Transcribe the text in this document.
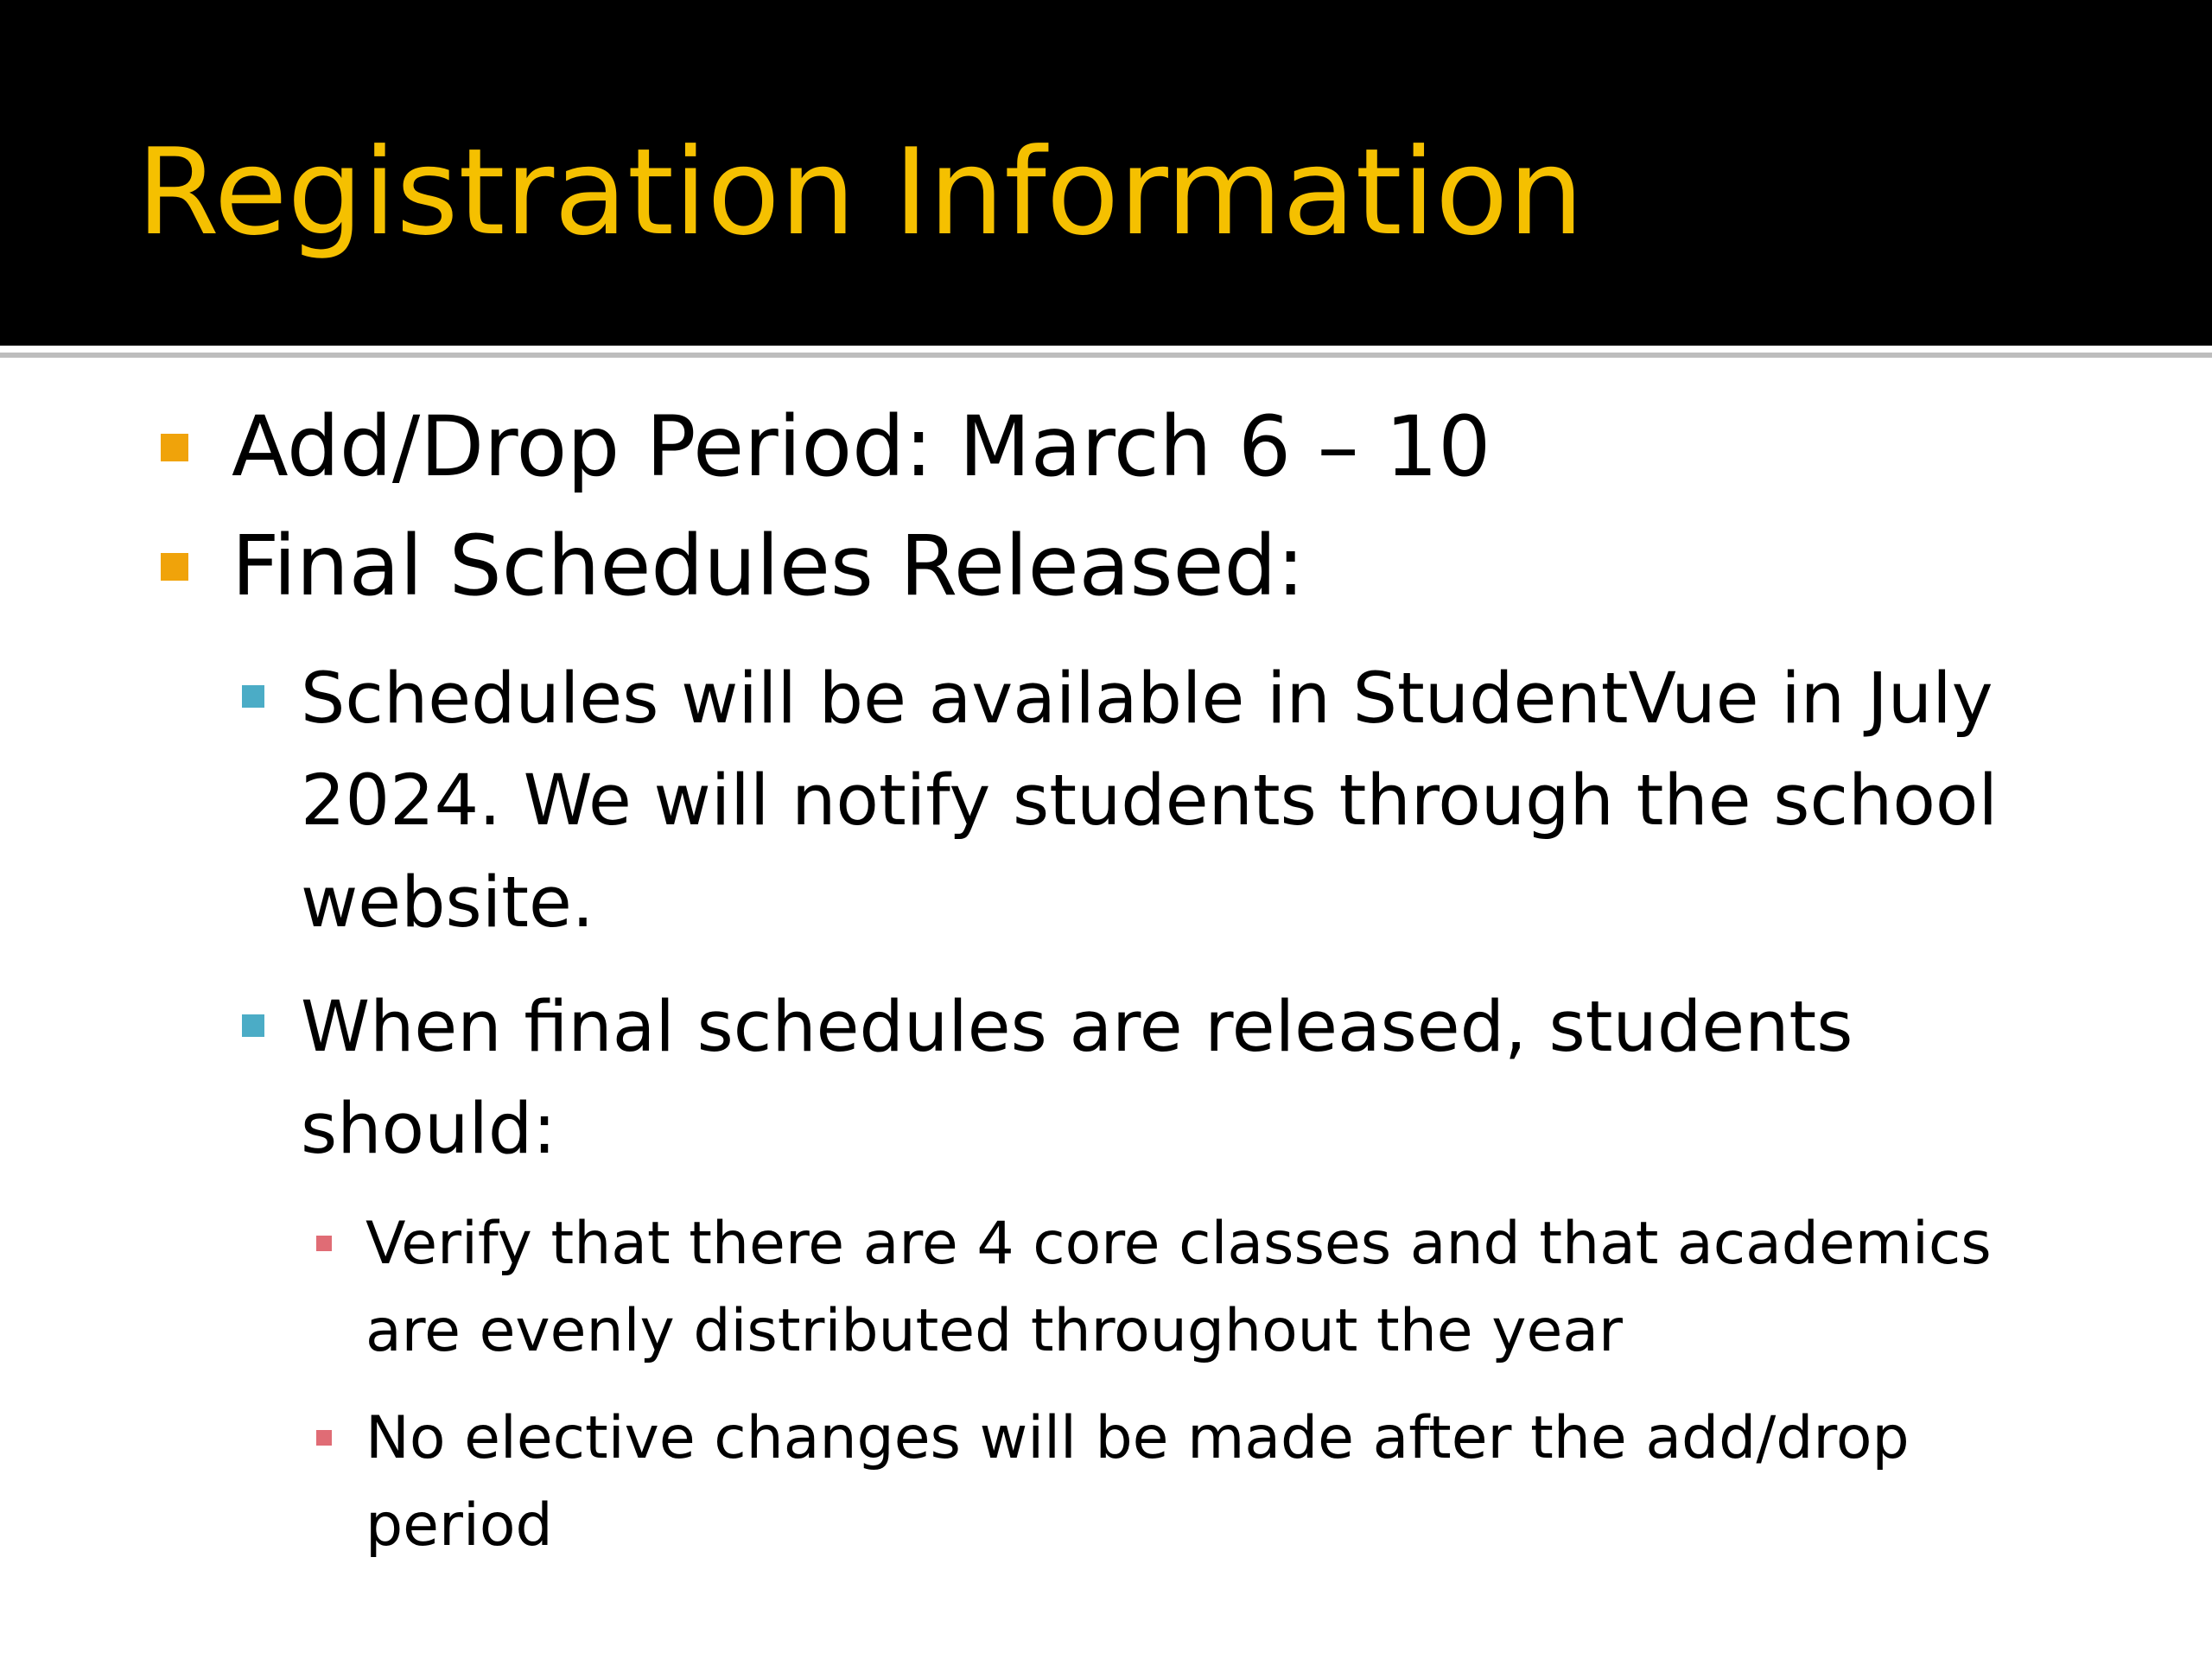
Registration Information

Add/Drop Period: March 6 – 10

Final Schedules Released:

Schedules will be available in StudentVue in July 2024. We will notify students through the school website.

When final schedules are released, students should:

Verify that there are 4 core classes and that academics are evenly distributed throughout the year

No elective changes will be made after the add/drop period
